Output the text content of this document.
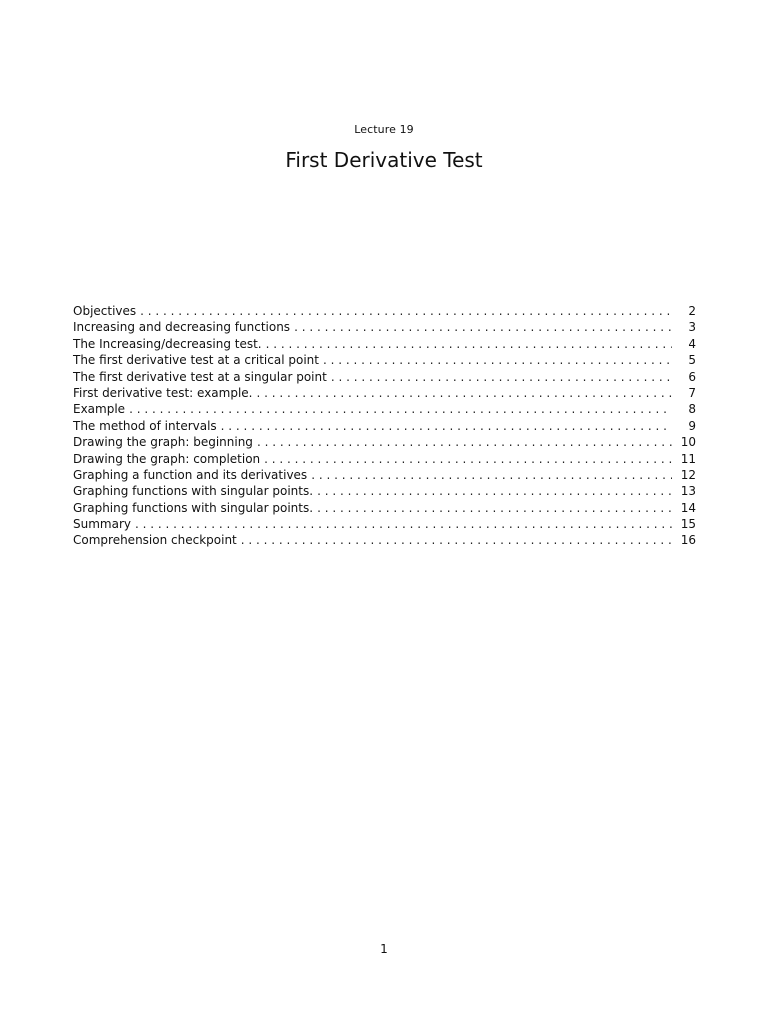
Lecture 19
First Derivative Test
Objectives . . .	2
Increasing and decreasing functions . . .	3
The Increasing/decreasing test. . . .	4
The first derivative test at a critical point . . .	5
The first derivative test at a singular point . . .	6
First derivative test: example. . . .	7
Example . . .	8
The method of intervals . . .	9
Drawing the graph: beginning . . .	10
Drawing the graph: completion . . .	11
Graphing a function and its derivatives . . .	12
Graphing functions with singular points. . . .	13
Graphing functions with singular points. . . .	14
Summary . . .	15
Comprehension checkpoint . . .	16
1
